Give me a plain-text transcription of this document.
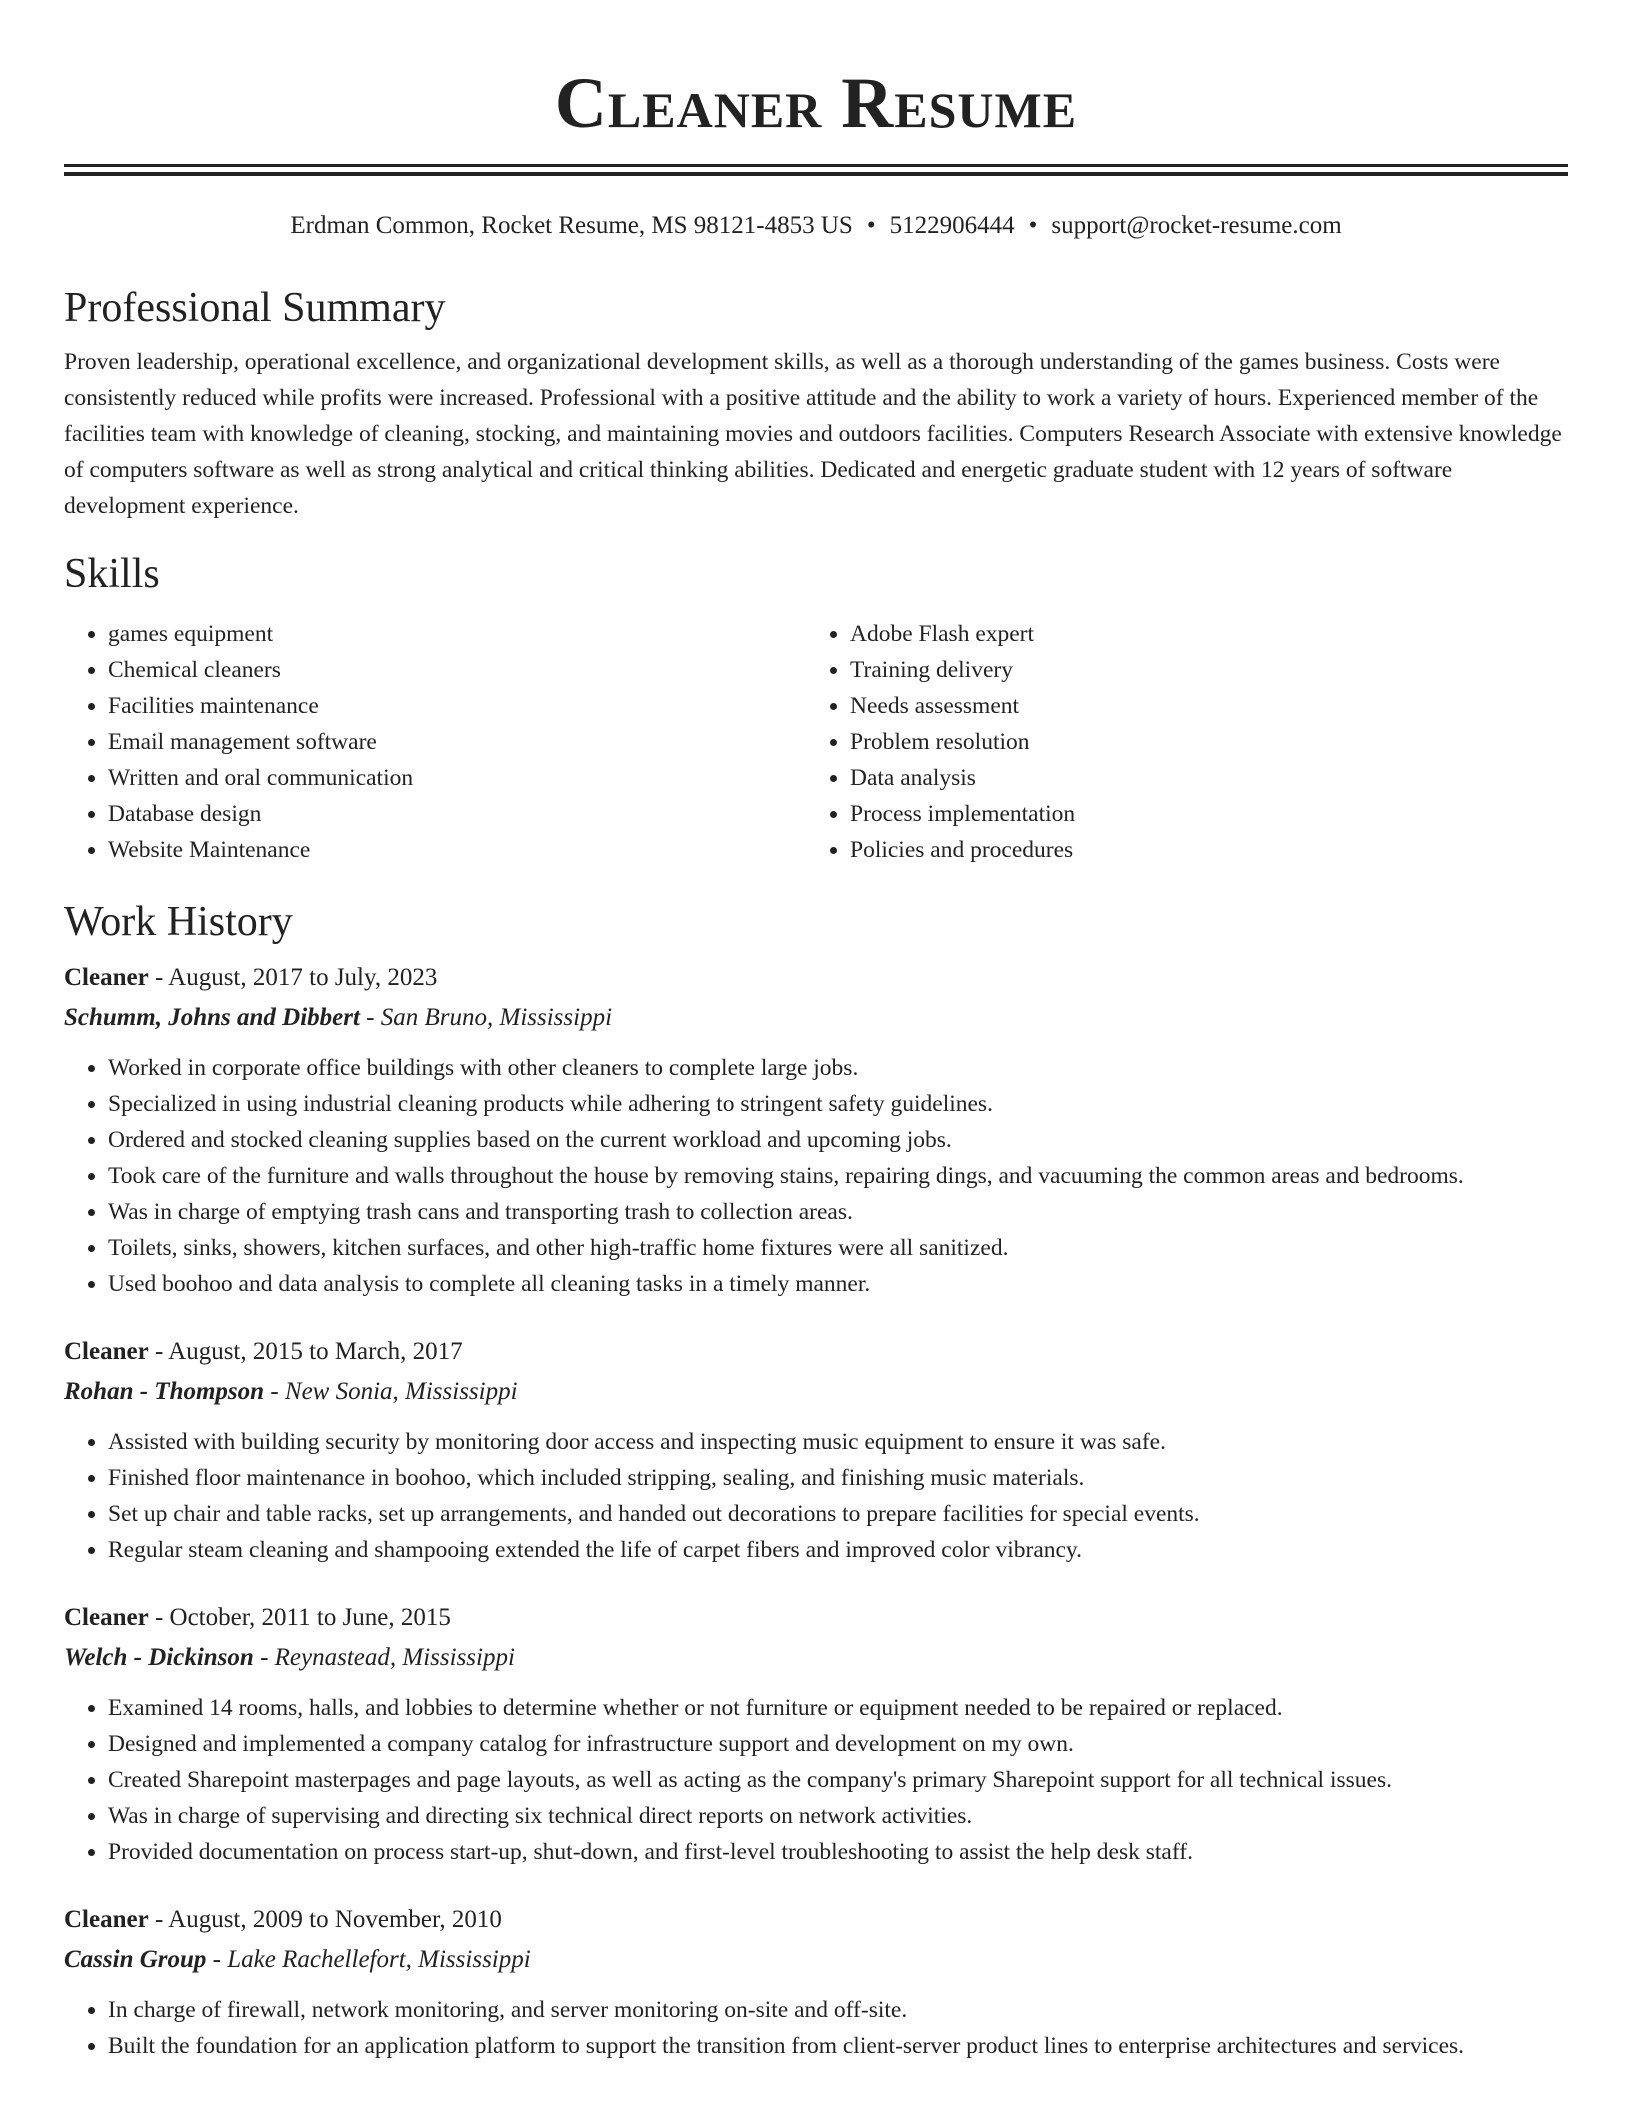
Cleaner Resume
Erdman Common, Rocket Resume, MS 98121-4853 US • 5122906444 • support@rocket-resume.com
Professional Summary

Proven leadership, operational excellence, and organizational development skills, as well as a thorough understanding of the games business. Costs were consistently reduced while profits were increased. Professional with a positive attitude and the ability to work a variety of hours. Experienced member of the facilities team with knowledge of cleaning, stocking, and maintaining movies and outdoors facilities. Computers Research Associate with extensive knowledge of computers software as well as strong analytical and critical thinking abilities. Dedicated and energetic graduate student with 12 years of software development experience.

Skills
• games equipment
• Chemical cleaners
• Facilities maintenance
• Email management software
• Written and oral communication
• Database design
• Website Maintenance
• Adobe Flash expert
• Training delivery
• Needs assessment
• Problem resolution
• Data analysis
• Process implementation
• Policies and procedures
Work History
Cleaner - August, 2017 to July, 2023
Schumm, Johns and Dibbert - San Bruno, Mississippi
• Worked in corporate office buildings with other cleaners to complete large jobs.
• Specialized in using industrial cleaning products while adhering to stringent safety guidelines.
• Ordered and stocked cleaning supplies based on the current workload and upcoming jobs.
• Took care of the furniture and walls throughout the house by removing stains, repairing dings, and vacuuming the common areas and bedrooms.
• Was in charge of emptying trash cans and transporting trash to collection areas.
• Toilets, sinks, showers, kitchen surfaces, and other high-traffic home fixtures were all sanitized.
• Used boohoo and data analysis to complete all cleaning tasks in a timely manner.
Cleaner - August, 2015 to March, 2017
Rohan - Thompson - New Sonia, Mississippi
• Assisted with building security by monitoring door access and inspecting music equipment to ensure it was safe.
• Finished floor maintenance in boohoo, which included stripping, sealing, and finishing music materials.
• Set up chair and table racks, set up arrangements, and handed out decorations to prepare facilities for special events.
• Regular steam cleaning and shampooing extended the life of carpet fibers and improved color vibrancy.
Cleaner - October, 2011 to June, 2015
Welch - Dickinson - Reynastead, Mississippi
• Examined 14 rooms, halls, and lobbies to determine whether or not furniture or equipment needed to be repaired or replaced.
• Designed and implemented a company catalog for infrastructure support and development on my own.
• Created Sharepoint masterpages and page layouts, as well as acting as the company's primary Sharepoint support for all technical issues.
• Was in charge of supervising and directing six technical direct reports on network activities.
• Provided documentation on process start-up, shut-down, and first-level troubleshooting to assist the help desk staff.
Cleaner - August, 2009 to November, 2010
Cassin Group - Lake Rachellefort, Mississippi
• In charge of firewall, network monitoring, and server monitoring on-site and off-site.
• Built the foundation for an application platform to support the transition from client-server product lines to enterprise architectures and services.
